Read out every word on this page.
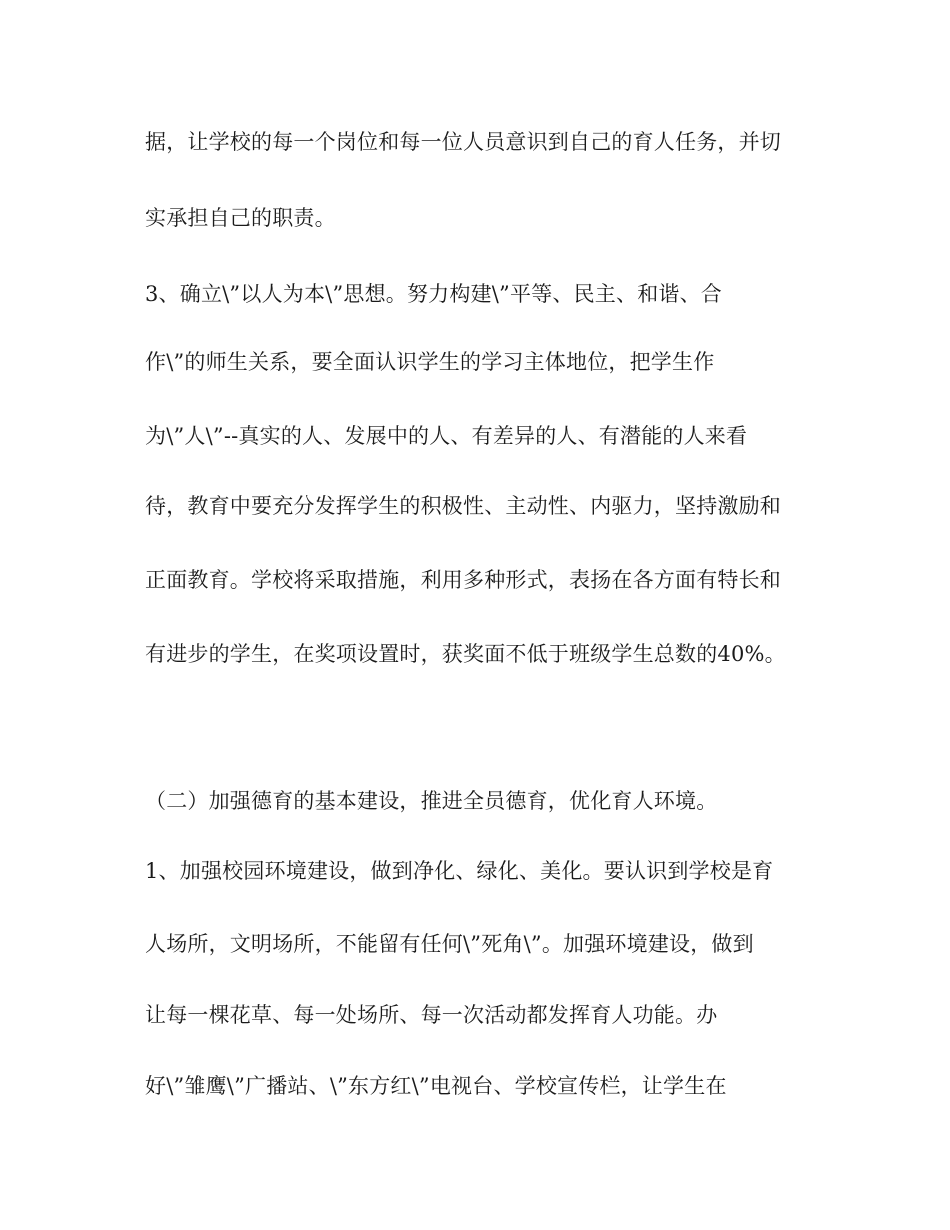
据，让学校的每一个岗位和每一位人员意识到自己的育人任务，并切

实承担自己的职责。

3、确立\”以人为本\”思想。努力构建\”平等、民主、和谐、合

作\”的师生关系，要全面认识学生的学习主体地位，把学生作

为\”人\”--真实的人、发展中的人、有差异的人、有潜能的人来看

待，教育中要充分发挥学生的积极性、主动性、内驱力，坚持激励和

正面教育。学校将采取措施，利用多种形式，表扬在各方面有特长和

有进步的学生，在奖项设置时，获奖面不低于班级学生总数的40%。

（二）加强德育的基本建设，推进全员德育，优化育人环境。

1、加强校园环境建设，做到净化、绿化、美化。要认识到学校是育

人场所，文明场所，不能留有任何\”死角\”。加强环境建设，做到

让每一棵花草、每一处场所、每一次活动都发挥育人功能。办

好\”雏鹰\”广播站、\”东方红\”电视台、学校宣传栏，让学生在
